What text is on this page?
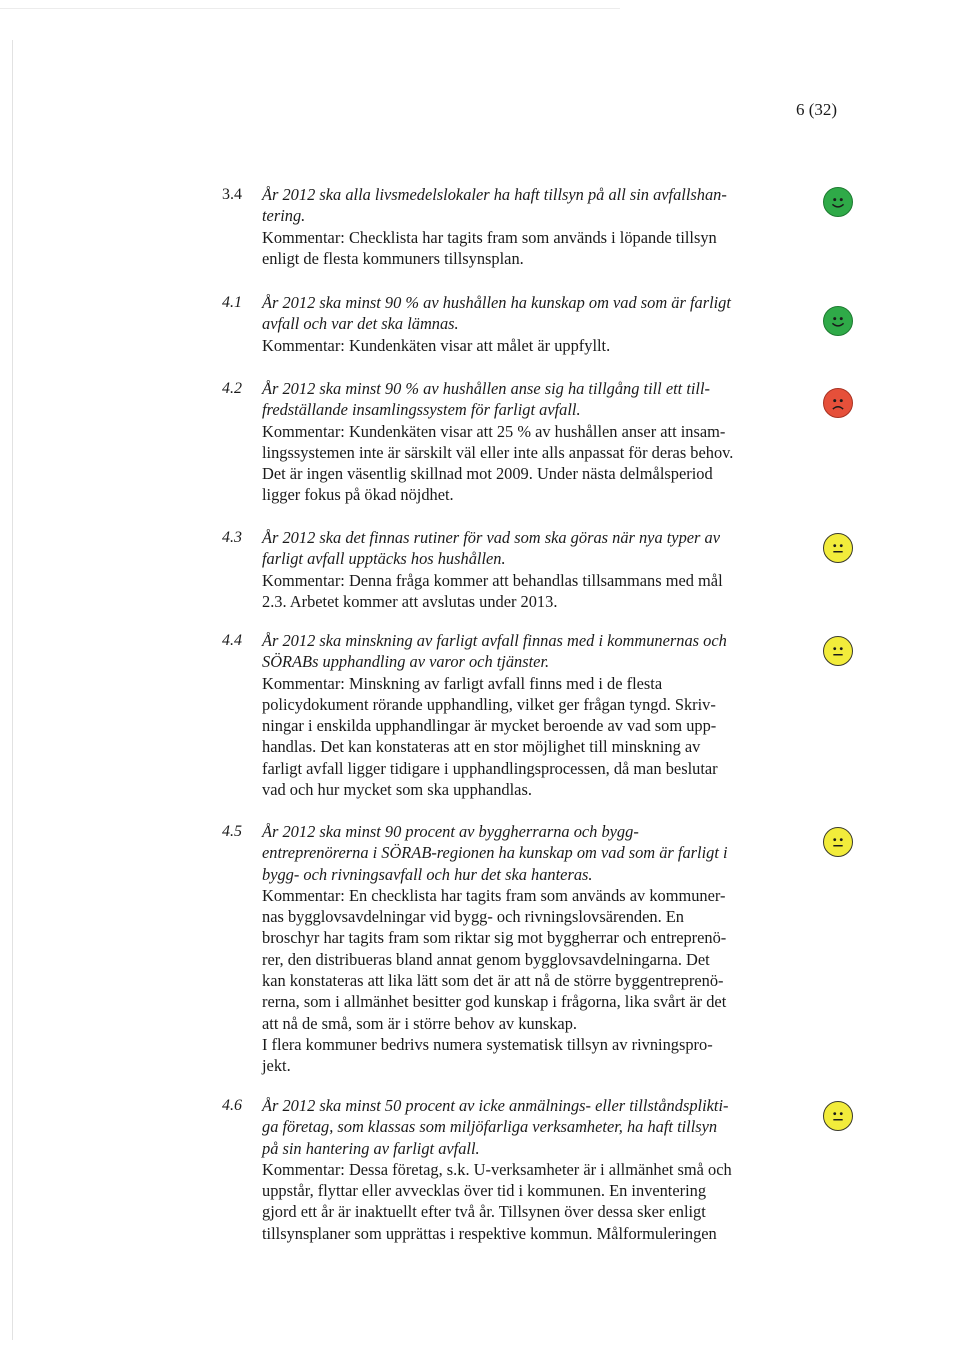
6 (32)
3.4	År 2012 ska alla livsmedelslokaler ha haft tillsyn på all sin avfallshan-
tering.
Kommentar: Checklista har tagits fram som används i löpande tillsyn
enligt de flesta kommuners tillsynsplan.
4.1	År 2012 ska minst 90 % av hushållen ha kunskap om vad som är farligt
avfall och var det ska lämnas.
Kommentar: Kundenkäten visar att målet är uppfyllt.
4.2	År 2012 ska minst 90 % av hushållen anse sig ha tillgång till ett till-
fredställande insamlingssystem för farligt avfall.
Kommentar: Kundenkäten visar att 25 % av hushållen anser att insam-
lingssystemen inte är särskilt väl eller inte alls anpassat för deras behov.
Det är ingen väsentlig skillnad mot 2009. Under nästa delmålsperiod
ligger fokus på ökad nöjdhet.
4.3	År 2012 ska det finnas rutiner för vad som ska göras när nya typer av
farligt avfall upptäcks hos hushållen.
Kommentar: Denna fråga kommer att behandlas tillsammans med mål
2.3. Arbetet kommer att avslutas under 2013.
4.4	År 2012 ska minskning av farligt avfall finnas med i kommunernas och
SÖRABs upphandling av varor och tjänster.
Kommentar: Minskning av farligt avfall finns med i de flesta
policydokument rörande upphandling, vilket ger frågan tyngd. Skriv-
ningar i enskilda upphandlingar är mycket beroende av vad som upp-
handlas. Det kan konstateras att en stor möjlighet till minskning av
farligt avfall ligger tidigare i upphandlingsprocessen, då man beslutar
vad och hur mycket som ska upphandlas.
4.5	År 2012 ska minst 90 procent av byggherrarna och bygg-
entreprenörerna i SÖRAB-regionen ha kunskap om vad som är farligt i
bygg- och rivningsavfall och hur det ska hanteras.
Kommentar: En checklista har tagits fram som används av kommuner-
nas bygglovsavdelningar vid bygg- och rivningslovsärenden. En
broschyr har tagits fram som riktar sig mot byggherrar och entreprenö-
rer, den distribueras bland annat genom bygglovsavdelningarna. Det
kan konstateras att lika lätt som det är att nå de större byggentreprenö-
rerna, som i allmänhet besitter god kunskap i frågorna, lika svårt är det
att nå de små, som är i större behov av kunskap.
I flera kommuner bedrivs numera systematisk tillsyn av rivningspro-
jekt.
4.6	År 2012 ska minst 50 procent av icke anmälnings- eller tillståndsplikti-
ga företag, som klassas som miljöfarliga verksamheter, ha haft tillsyn
på sin hantering av farligt avfall.
Kommentar: Dessa företag, s.k. U-verksamheter är i allmänhet små och
uppstår, flyttar eller avvecklas över tid i kommunen. En inventering
gjord ett år är inaktuellt efter två år. Tillsynen över dessa sker enligt
tillsynsplaner som upprättas i respektive kommun. Målformuleringen
